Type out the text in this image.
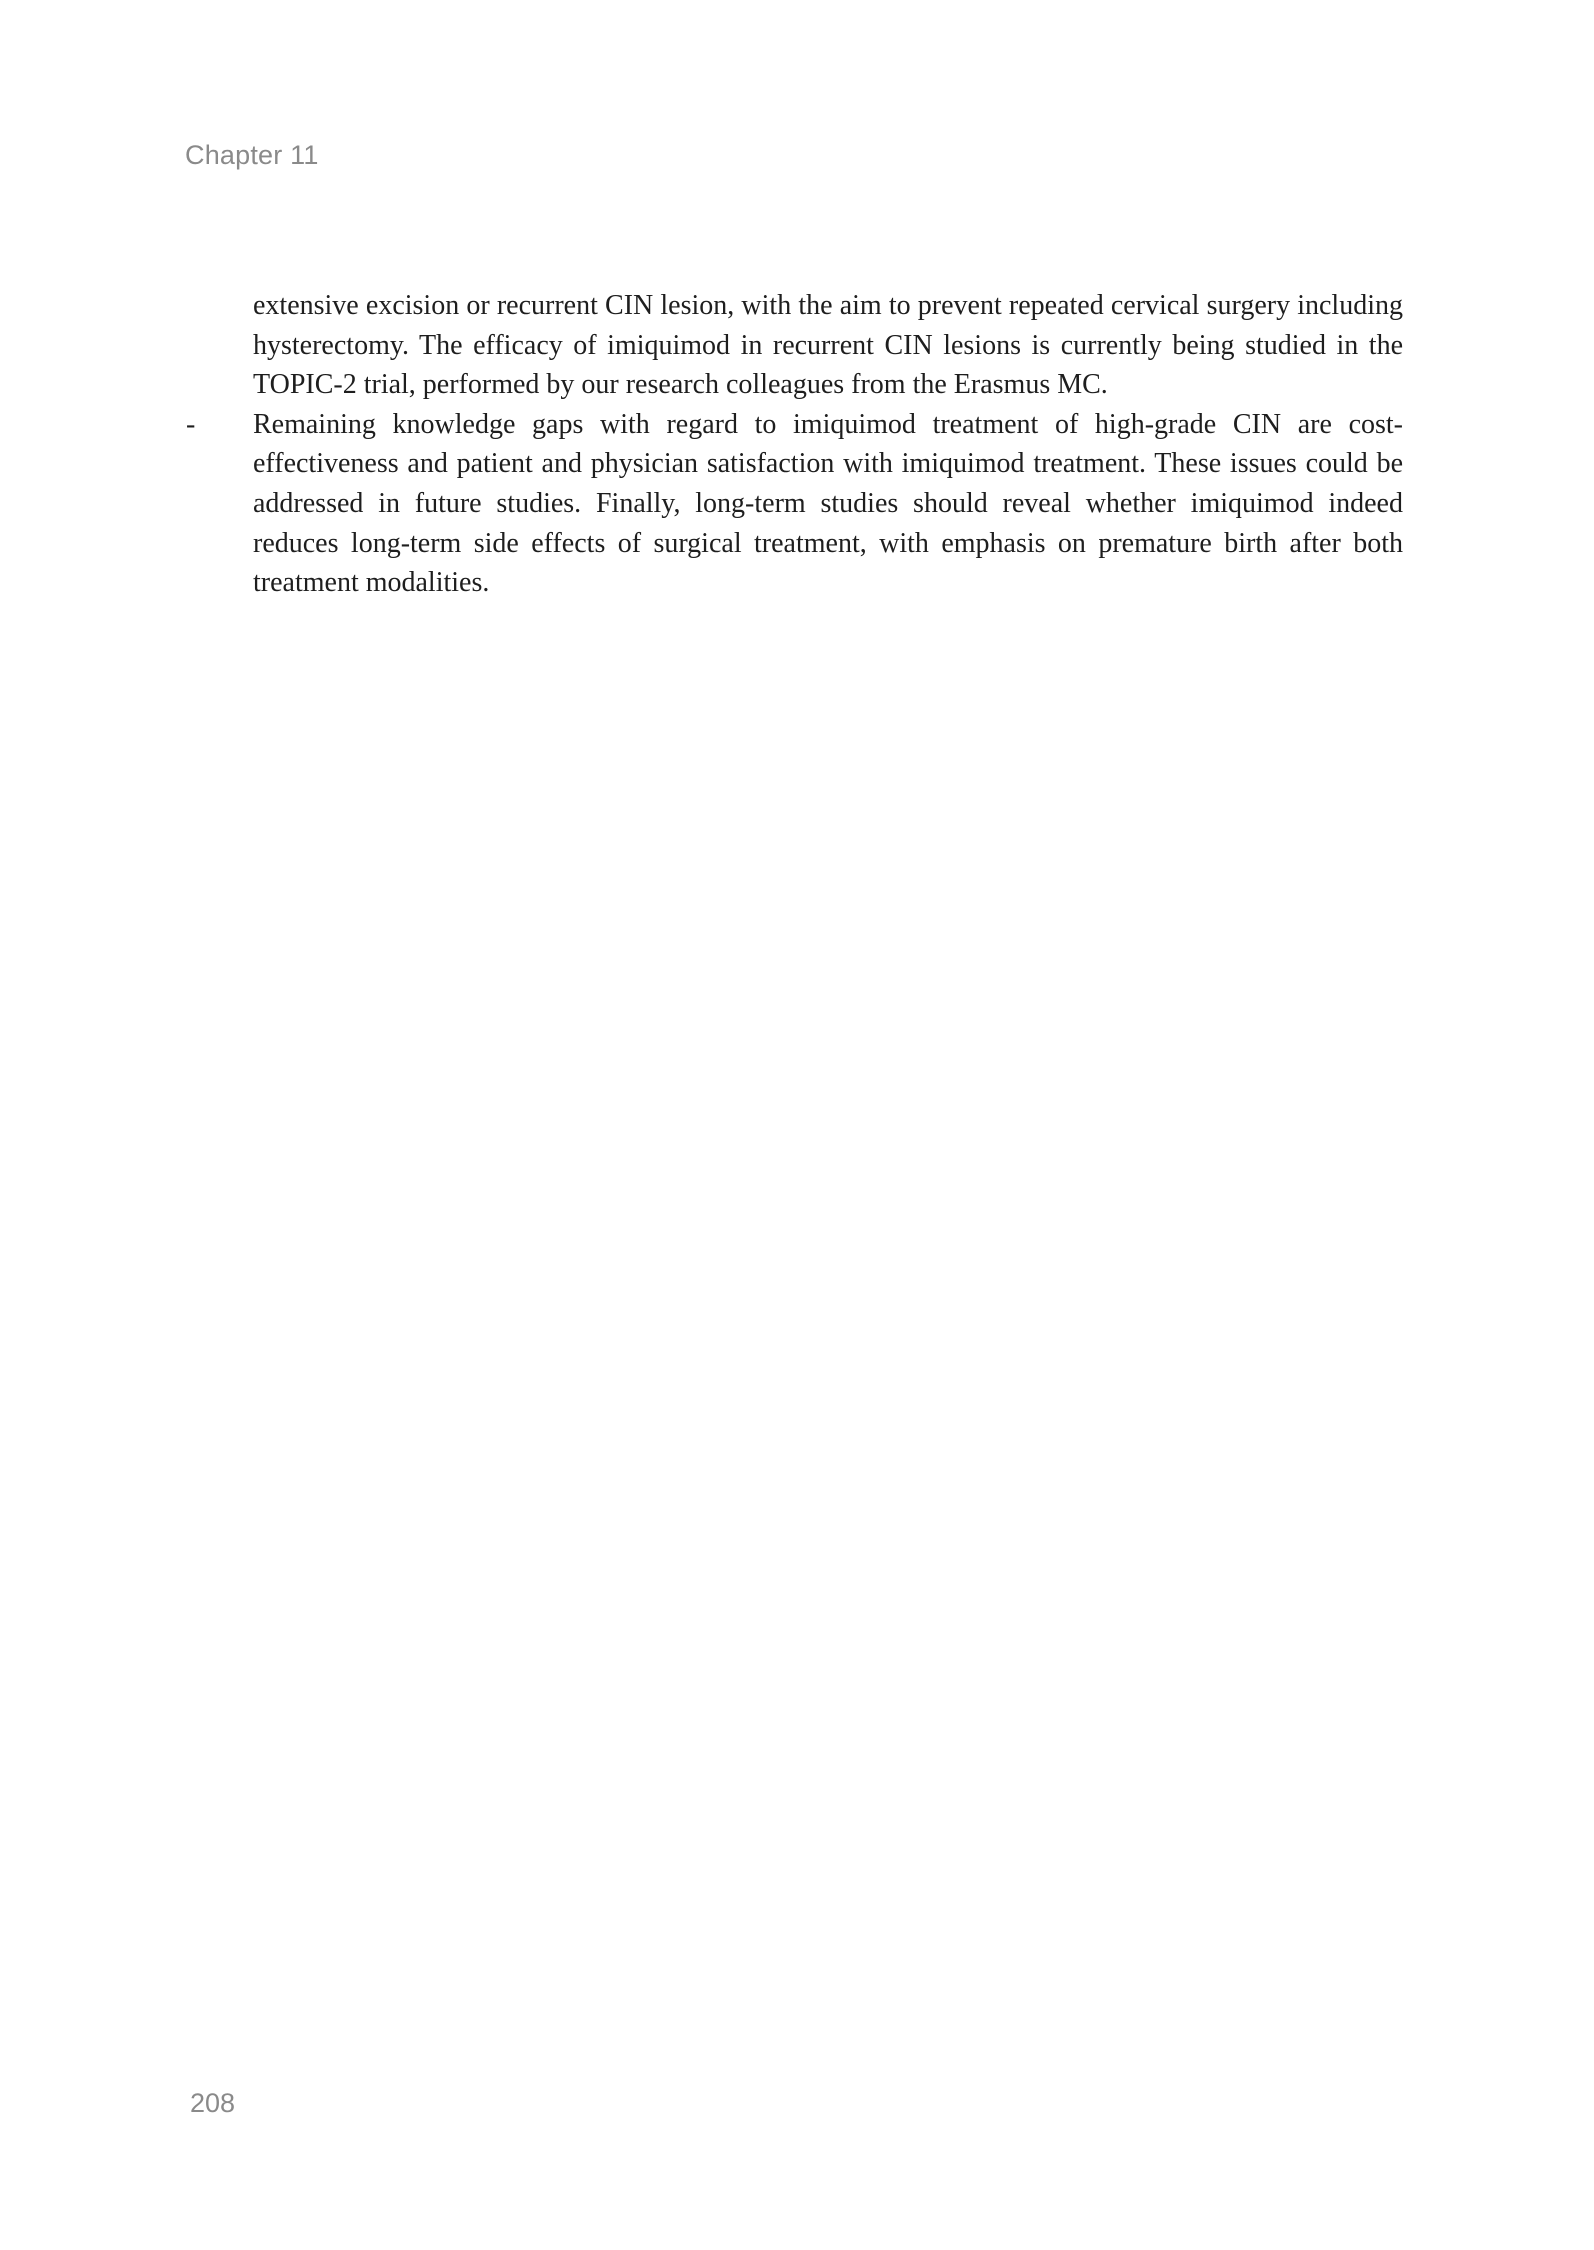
Chapter 11

extensive excision or recurrent CIN lesion, with the aim to prevent repeated cervical surgery including hysterectomy. The efficacy of imiquimod in recurrent CIN lesions is currently being studied in the TOPIC-2 trial, performed by our research colleagues from the Erasmus MC.

- Remaining knowledge gaps with regard to imiquimod treatment of high-grade CIN are cost-effectiveness and patient and physician satisfaction with imiquimod treatment. These issues could be addressed in future studies. Finally, long-term studies should reveal whether imiquimod indeed reduces long-term side effects of surgical treatment, with emphasis on premature birth after both treatment modalities.

208
